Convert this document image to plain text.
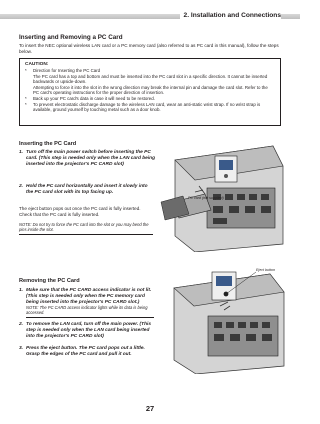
2. Installation and Connections
Inserting and Removing a PC Card

To insert the NEC optional wireless LAN card or a PC memory card (also referred to as PC card in this manual), follow the steps below.

CAUTION:
*	Direction for Inserting the PC Card
The PC card has a top and bottom and must be inserted into the PC card slot in a specific direction. It cannot be inserted backwards or upside-down.
Attempting to force it into the slot in the wrong direction may break the internal pin and damage the card slot. Refer to the PC card's operating instructions for the proper direction of insertion.
*	Back up your PC card's data in case it will need to be restored.
*	To prevent electrostatic discharge damage to the wireless LAN card, wear an anti-static wrist strap. If no wrist strap is available, ground yourself by touching metal such as a door knob.
Inserting the PC Card
1. Turn off the main power switch before inserting the PC card. (This step is needed only when the LAN card being inserted into the projector's PC CARD slot)
2. Hold the PC card horizontally and insert it slowly into the PC card slot with its top facing up.

The eject button pops out once the PC card is fully inserted. Check that the PC card is fully inserted.

NOTE: Do not try to force the PC card into the slot or you may bend the pins inside the slot.
PC card (not supplied)
Removing the PC Card
1. Make sure that the PC CARD access indicator is not lit. (This step is needed only when the PC memory card being inserted into the projector's PC CARD slot.)
NOTE: The PC CARD access indicator lights while its data is being accessed.
2. To remove the LAN card, turn off the main power. (This step is needed only when the LAN card being inserted into the projector's PC CARD slot)
3. Press the eject button. The PC card pops out a little. Grasp the edges of the PC card and pull it out.
Eject button
27
